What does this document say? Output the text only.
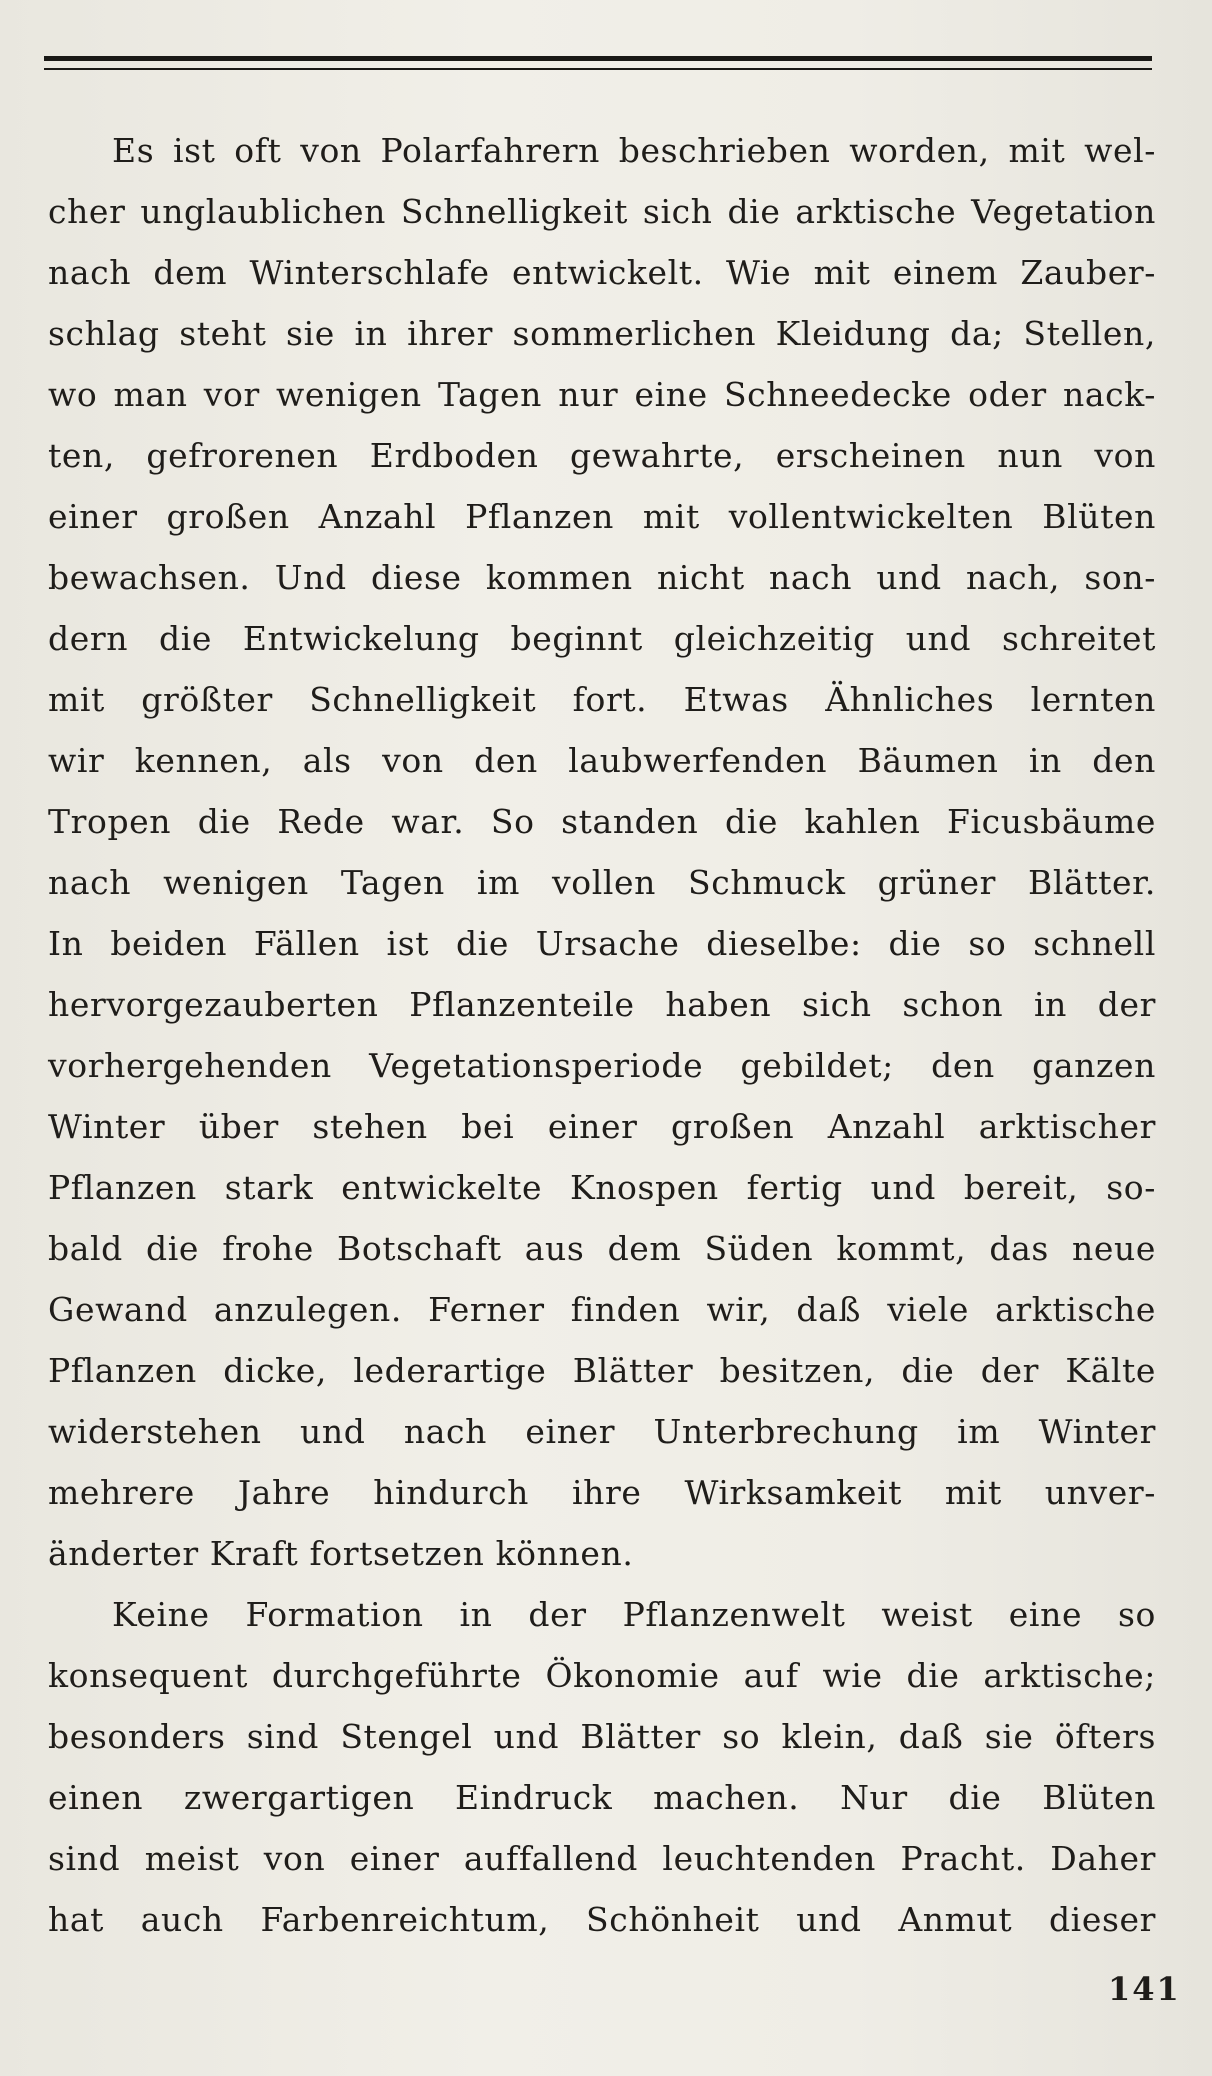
Es ist oft von Polarfahrern beschrieben worden, mit wel-
cher unglaublichen Schnelligkeit sich die arktische Vegetation
nach dem Winterschlafe entwickelt. Wie mit einem Zauber-
schlag steht sie in ihrer sommerlichen Kleidung da; Stellen,
wo man vor wenigen Tagen nur eine Schneedecke oder nack-
ten, gefrorenen Erdboden gewahrte, erscheinen nun von
einer großen Anzahl Pflanzen mit vollentwickelten Blüten
bewachsen. Und diese kommen nicht nach und nach, son-
dern die Entwickelung beginnt gleichzeitig und schreitet
mit größter Schnelligkeit fort. Etwas Ähnliches lernten
wir kennen, als von den laubwerfenden Bäumen in den
Tropen die Rede war. So standen die kahlen Ficusbäume
nach wenigen Tagen im vollen Schmuck grüner Blätter.
In beiden Fällen ist die Ursache dieselbe: die so schnell
hervorgezauberten Pflanzenteile haben sich schon in der
vorhergehenden Vegetationsperiode gebildet; den ganzen
Winter über stehen bei einer großen Anzahl arktischer
Pflanzen stark entwickelte Knospen fertig und bereit, so-
bald die frohe Botschaft aus dem Süden kommt, das neue
Gewand anzulegen. Ferner finden wir, daß viele arktische
Pflanzen dicke, lederartige Blätter besitzen, die der Kälte
widerstehen und nach einer Unterbrechung im Winter
mehrere Jahre hindurch ihre Wirksamkeit mit unver-
änderter Kraft fortsetzen können.
Keine Formation in der Pflanzenwelt weist eine so
konsequent durchgeführte Ökonomie auf wie die arktische;
besonders sind Stengel und Blätter so klein, daß sie öfters
einen zwergartigen Eindruck machen. Nur die Blüten
sind meist von einer auffallend leuchtenden Pracht. Daher
hat auch Farbenreichtum, Schönheit und Anmut dieser
141
